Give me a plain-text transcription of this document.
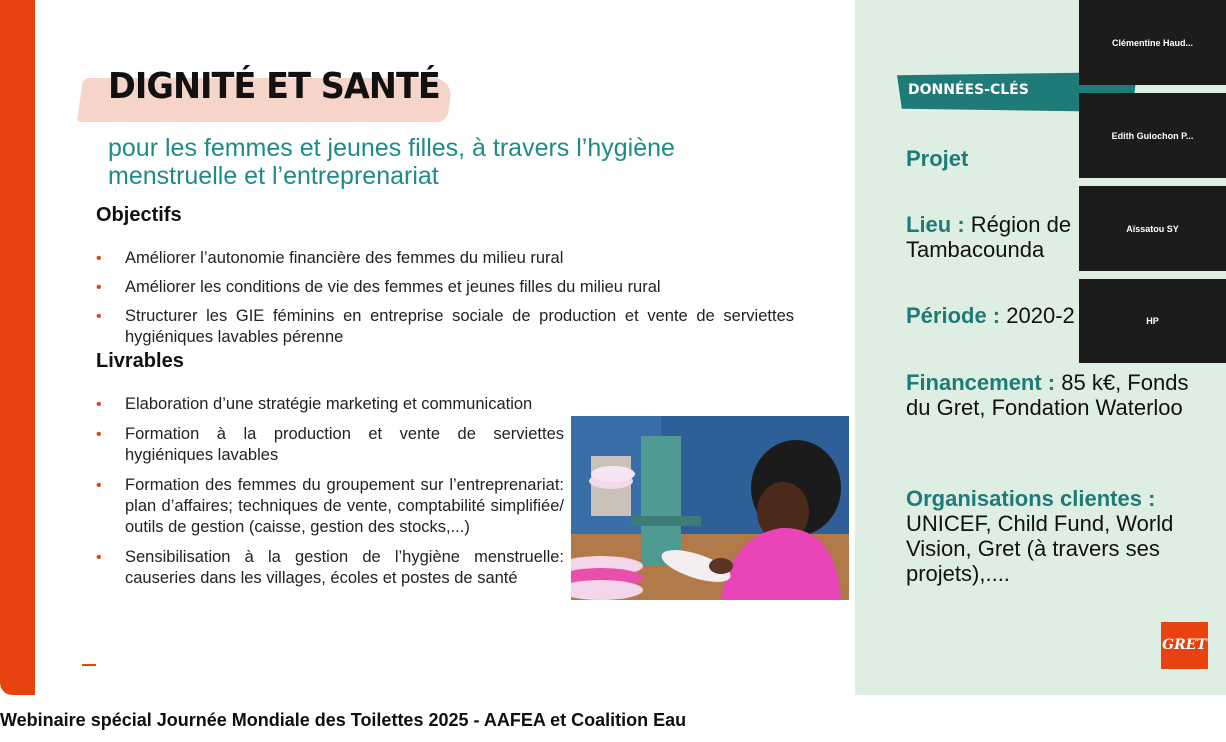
DIGNITÉ ET SANTÉ

pour les femmes et jeunes filles, à travers l’hygiène menstruelle et l’entreprenariat

Objectifs
• Améliorer l’autonomie financière des femmes du milieu rural
• Améliorer les conditions de vie des femmes et jeunes filles du milieu rural
• Structurer les GIE féminins en entreprise sociale de production et vente de serviettes hygiéniques lavables pérenne
Livrables
• Elaboration d’une stratégie marketing et communication
• Formation à la production et vente de serviettes hygiéniques lavables
• Formation des femmes du groupement sur l’entreprenariat: plan d’affaires; techniques de vente, comptabilité simplifiée/ outils de gestion (caisse, gestion des stocks,...)
• Sensibilisation à la gestion de l’hygiène menstruelle: causeries dans les villages, écoles et postes de santé
DONNÉES-CLÉS
Projet
Lieu : Région de Tambacounda
Période : 2020-2
Financement : 85 k€, Fonds du Gret, Fondation Waterloo
Organisations clientes :
UNICEF, Child Fund, World Vision, Gret (à travers ses projets),....
GRET
Clémentine Haud...
Edith Guiochon P...
Aïssatou SY
HP
Webinaire spécial Journée Mondiale des Toilettes 2025 - AAFEA et Coalition Eau
